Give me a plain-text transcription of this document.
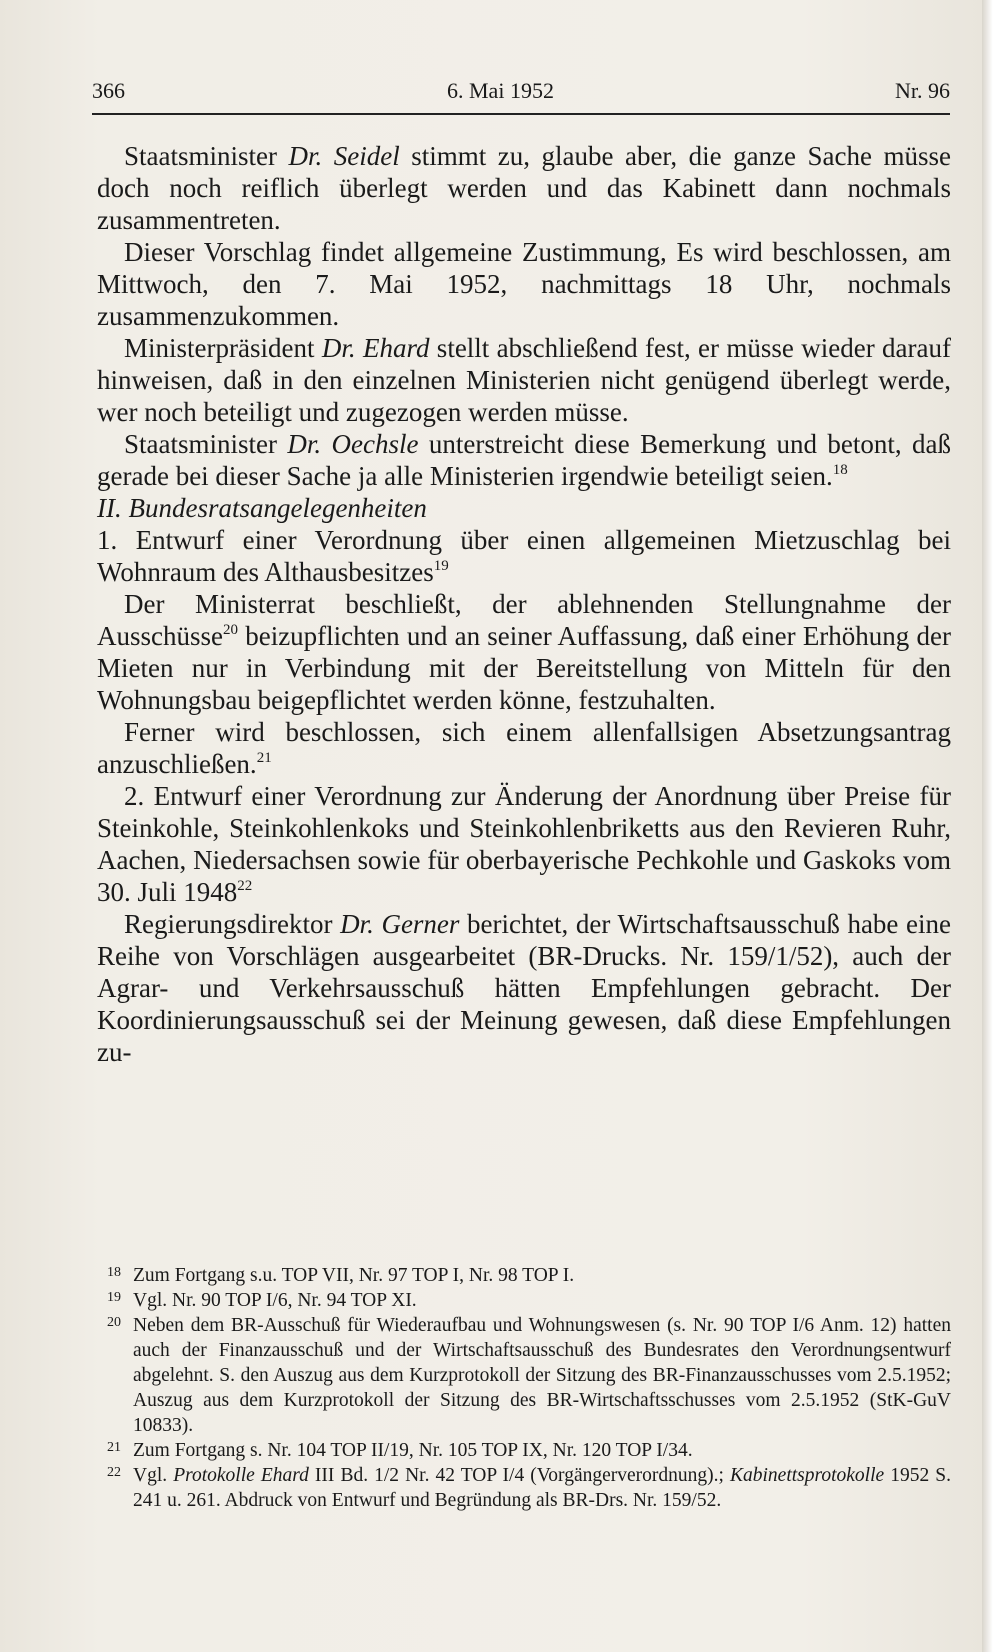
366	6. Mai 1952	Nr. 96

Staatsminister Dr. Seidel stimmt zu, glaube aber, die ganze Sache müsse doch noch reiflich überlegt werden und das Kabinett dann nochmals zusammentreten.

Dieser Vorschlag findet allgemeine Zustimmung, Es wird beschlossen, am Mittwoch, den 7. Mai 1952, nachmittags 18 Uhr, nochmals zusammenzukommen.

Ministerpräsident Dr. Ehard stellt abschließend fest, er müsse wieder darauf hinweisen, daß in den einzelnen Ministerien nicht genügend überlegt werde, wer noch beteiligt und zugezogen werden müsse.

Staatsminister Dr. Oechsle unterstreicht diese Bemerkung und betont, daß gerade bei dieser Sache ja alle Ministerien irgendwie beteiligt seien.$^{18}$

II. Bundesratsangelegenheiten

1. Entwurf einer Verordnung über einen allgemeinen Mietzuschlag bei Wohnraum des Althausbesitzes$^{19}$

Der Ministerrat beschließt, der ablehnenden Stellungnahme der Ausschüsse$^{20}$ beizupflichten und an seiner Auffassung, daß einer Erhöhung der Mieten nur in Verbindung mit der Bereitstellung von Mitteln für den Wohnungsbau beigepflichtet werden könne, festzuhalten.

Ferner wird beschlossen, sich einem allenfallsigen Absetzungsantrag anzuschließen.$^{21}$

2. Entwurf einer Verordnung zur Änderung der Anordnung über Preise für Steinkohle, Steinkohlenkoks und Steinkohlenbriketts aus den Revieren Ruhr, Aachen, Niedersachsen sowie für oberbayerische Pechkohle und Gaskoks vom 30. Juli 1948$^{22}$

Regierungsdirektor Dr. Gerner berichtet, der Wirtschaftsausschuß habe eine Reihe von Vorschlägen ausgearbeitet (BR-Drucks. Nr. 159/1/52), auch der Agrar- und Verkehrsausschuß hätten Empfehlungen gebracht. Der Koordinierungsausschuß sei der Meinung gewesen, daß diese Empfehlungen zu-

18 Zum Fortgang s.u. TOP VII, Nr. 97 TOP I, Nr. 98 TOP I.
19 Vgl. Nr. 90 TOP I/6, Nr. 94 TOP XI.
20 Neben dem BR-Ausschuß für Wiederaufbau und Wohnungswesen (s. Nr. 90 TOP I/6 Anm. 12) hatten auch der Finanzausschuß und der Wirtschaftsausschuß des Bundesrates den Verordnungsentwurf abgelehnt. S. den Auszug aus dem Kurzprotokoll der Sitzung des BR-Finanzausschusses vom 2.5.1952; Auszug aus dem Kurzprotokoll der Sitzung des BR-Wirtschaftsschusses vom 2.5.1952 (StK-GuV 10833).
21 Zum Fortgang s. Nr. 104 TOP II/19, Nr. 105 TOP IX, Nr. 120 TOP I/34.
22 Vgl. Protokolle Ehard III Bd. 1/2 Nr. 42 TOP I/4 (Vorgängerverordnung).; Kabinettsprotokolle 1952 S. 241 u. 261. Abdruck von Entwurf und Begründung als BR-Drs. Nr. 159/52.
